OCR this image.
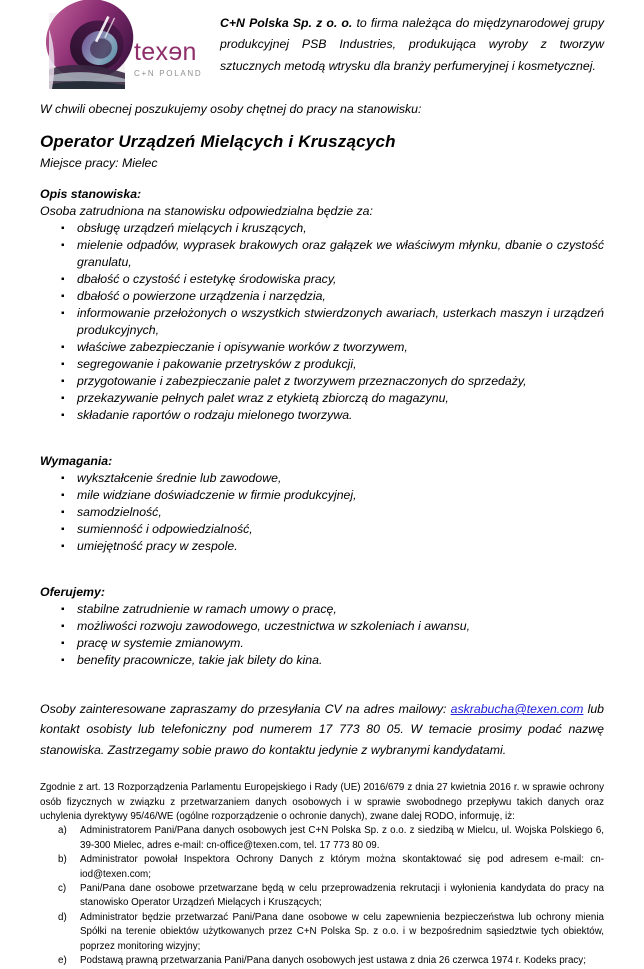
texen
C+N POLAND

C+N Polska Sp. z o. o. to firma należąca do międzynarodowej grupy produkcyjnej PSB Industries, produkująca wyroby z tworzyw sztucznych metodą wtrysku dla branży perfumeryjnej i kosmetycznej.

W chwili obecnej poszukujemy osoby chętnej do pracy na stanowisku:

Operator Urządzeń Mielących i Kruszących

Miejsce pracy: Mielec

Opis stanowiska:

Osoba zatrudniona na stanowisku odpowiedzialna będzie za:

▪ obsługę urządzeń mielących i kruszących,
▪ mielenie odpadów, wyprasek brakowych oraz gałązek we właściwym młynku, dbanie o czystość granulatu,
▪ dbałość o czystość i estetykę środowiska pracy,
▪ dbałość o powierzone urządzenia i narzędzia,
▪ informowanie przełożonych o wszystkich stwierdzonych awariach, usterkach maszyn i urządzeń produkcyjnych,
▪ właściwe zabezpieczanie i opisywanie worków z tworzywem,
▪ segregowanie i pakowanie przetrysków z produkcji,
▪ przygotowanie i zabezpieczanie palet z tworzywem przeznaczonych do sprzedaży,
▪ przekazywanie pełnych palet wraz z etykietą zbiorczą do magazynu,
▪ składanie raportów o rodzaju mielonego tworzywa.
Wymagania:
▪ wykształcenie średnie lub zawodowe,
▪ mile widziane doświadczenie w firmie produkcyjnej,
▪ samodzielność,
▪ sumienność i odpowiedzialność,
▪ umiejętność pracy w zespole.
Oferujemy:
▪ stabilne zatrudnienie w ramach umowy o pracę,
▪ możliwości rozwoju zawodowego, uczestnictwa w szkoleniach i awansu,
▪ pracę w systemie zmianowym.
▪ benefity pracownicze, takie jak bilety do kina.

Osoby zainteresowane zapraszamy do przesyłania CV na adres mailowy: askrabucha@texen.com lub kontakt osobisty lub telefoniczny pod numerem 17 773 80 05. W temacie prosimy podać nazwę stanowiska. Zastrzegamy sobie prawo do kontaktu jedynie z wybranymi kandydatami.

Zgodnie z art. 13 Rozporządzenia Parlamentu Europejskiego i Rady (UE) 2016/679 z dnia 27 kwietnia 2016 r. w sprawie ochrony osób fizycznych w związku z przetwarzaniem danych osobowych i w sprawie swobodnego przepływu takich danych oraz uchylenia dyrektywy 95/46/WE (ogólne rozporządzenie o ochronie danych), zwane dalej RODO, informuję, iż:

a) Administratorem Pani/Pana danych osobowych jest C+N Polska Sp. z o.o. z siedzibą w Mielcu, ul. Wojska Polskiego 6, 39-300 Mielec, adres e-mail: cn-office@texen.com, tel. 17 773 80 09.
b) Administrator powołał Inspektora Ochrony Danych z którym można skontaktować się pod adresem e-mail: cn-iod@texen.com;
c) Pani/Pana dane osobowe przetwarzane będą w celu przeprowadzenia rekrutacji i wyłonienia kandydata do pracy na stanowisko Operator Urządzeń Mielących i Kruszących;
d) Administrator będzie przetwarzać Pani/Pana dane osobowe w celu zapewnienia bezpieczeństwa lub ochrony mienia Spółki na terenie obiektów użytkowanych przez C+N Polska Sp. z o.o. i w bezpośrednim sąsiedztwie tych obiektów, poprzez monitoring wizyjny;
e) Podstawą prawną przetwarzania Pani/Pana danych osobowych jest ustawa z dnia 26 czerwca 1974 r. Kodeks pracy;
